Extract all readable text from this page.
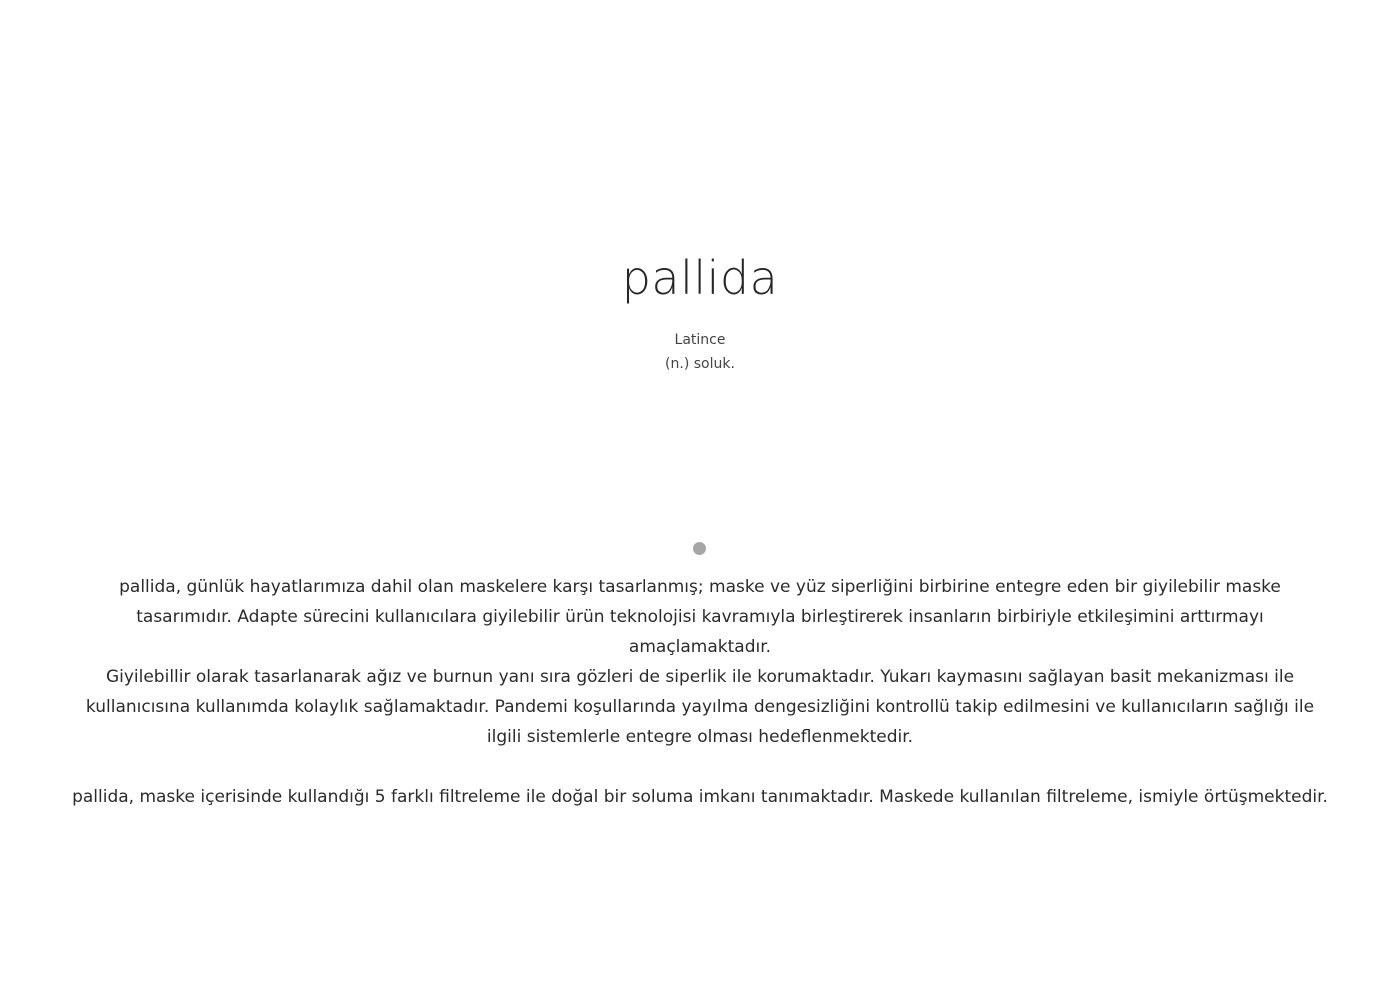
pallida
Latince
(n.) soluk.

pallida, günlük hayatlarımıza dahil olan maskelere karşı tasarlanmış; maske ve yüz siperliğini birbirine entegre eden bir giyilebilir maske tasarımıdır. Adapte sürecini kullanıcılara giyilebilir ürün teknolojisi kavramıyla birleştirerek insanların birbiriyle etkileşimini arttırmayı amaçlamaktadır.

Giyilebillir olarak tasarlanarak ağız ve burnun yanı sıra gözleri de siperlik ile korumaktadır. Yukarı kaymasını sağlayan basit mekanizması ile kullanıcısına kullanımda kolaylık sağlamaktadır. Pandemi koşullarında yayılma dengesizliğini kontrollü takip edilmesini ve kullanıcıların sağlığı ile ilgili sistemlerle entegre olması hedeflenmektedir.

pallida, maske içerisinde kullandığı 5 farklı filtreleme ile doğal bir soluma imkanı tanımaktadır. Maskede kullanılan filtreleme, ismiyle örtüşmektedir.
